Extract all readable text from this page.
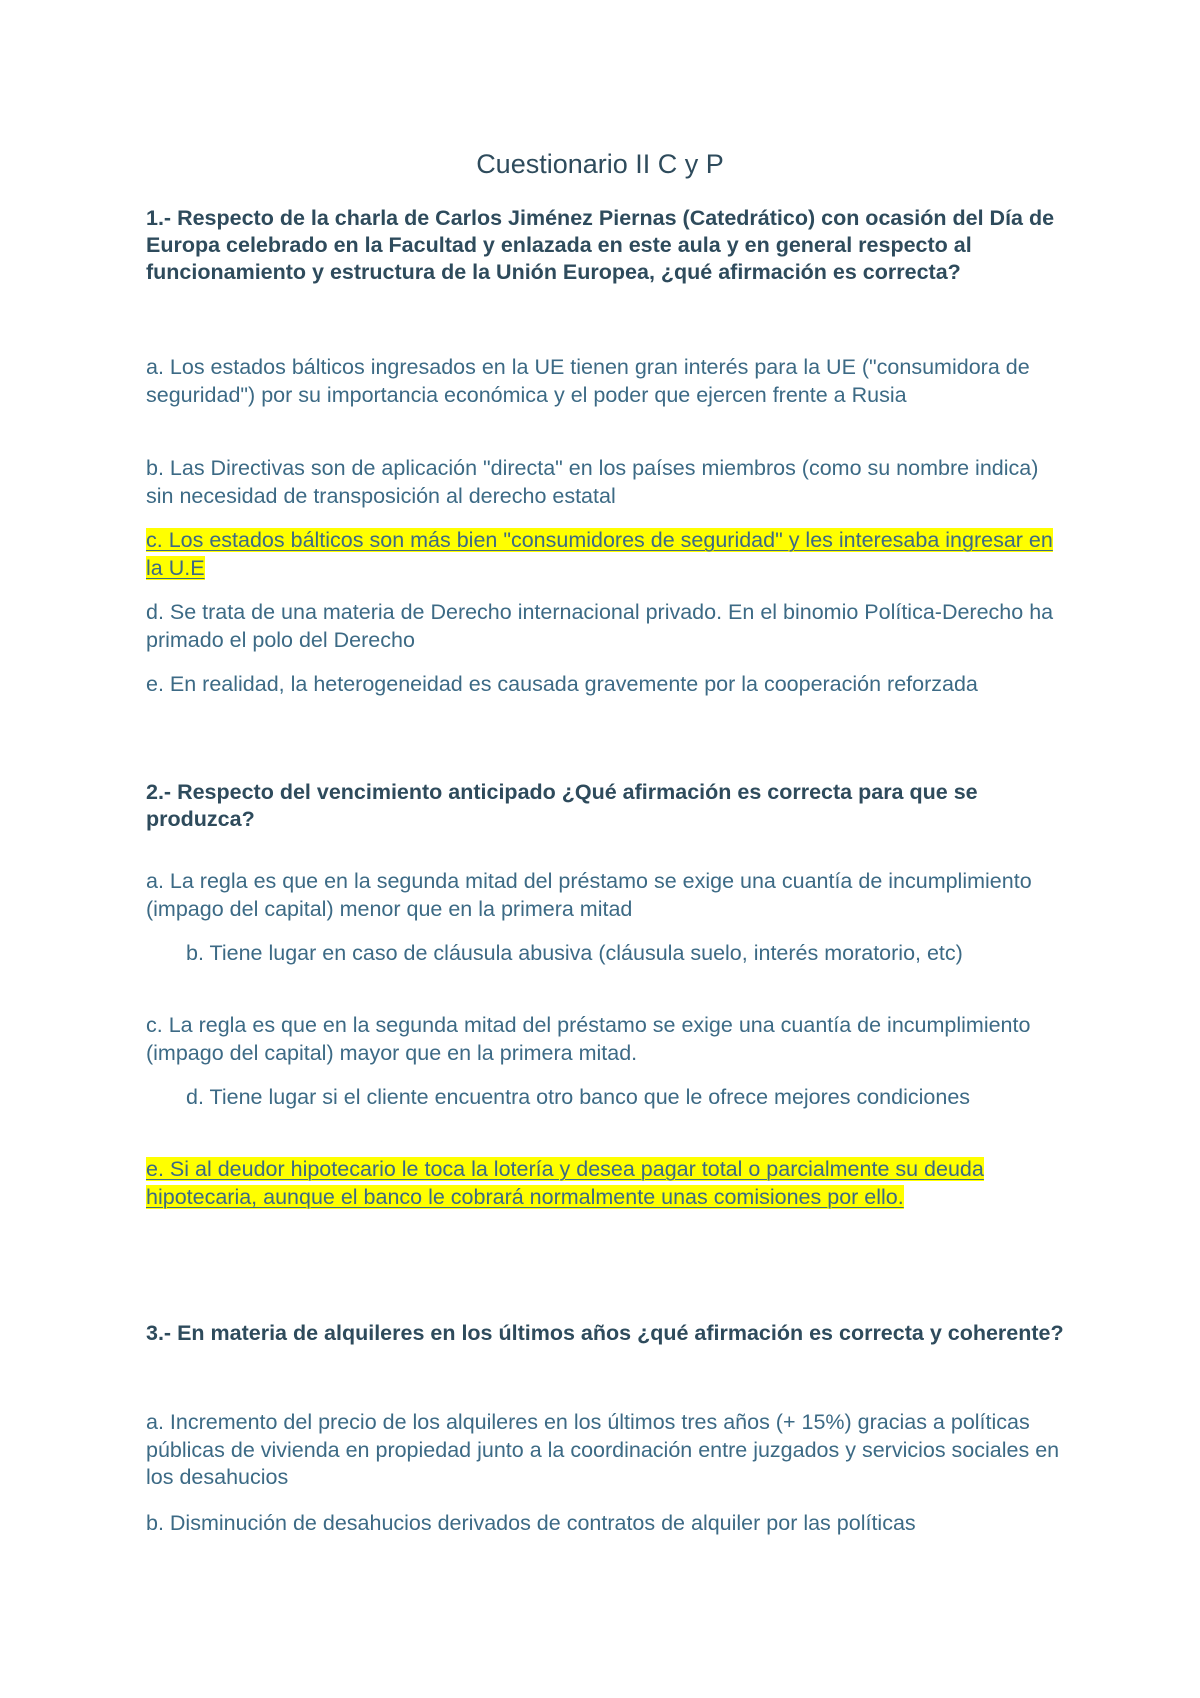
Cuestionario II C y P

1.- Respecto de la charla de Carlos Jiménez Piernas (Catedrático) con ocasión del Día de Europa celebrado en la Facultad y enlazada en este aula y en general respecto al funcionamiento y estructura de la Unión Europea, ¿qué afirmación es correcta?

a. Los estados bálticos ingresados en la UE tienen gran interés para la UE ("consumidora de seguridad") por su importancia económica y el poder que ejercen frente a Rusia

b. Las Directivas son de aplicación "directa" en los países miembros (como su nombre indica) sin necesidad de transposición al derecho estatal

c. Los estados bálticos son más bien "consumidores de seguridad" y les interesaba ingresar en la U.E

d. Se trata de una materia de Derecho internacional privado. En el binomio Política-Derecho ha primado el polo del Derecho

e. En realidad, la heterogeneidad es causada gravemente por la cooperación reforzada

2.- Respecto del vencimiento anticipado ¿Qué afirmación es correcta para que se produzca?

a. La regla es que en la segunda mitad del préstamo se exige una cuantía de incumplimiento (impago del capital) menor que en la primera mitad

b. Tiene lugar en caso de cláusula abusiva (cláusula suelo, interés moratorio, etc)

c. La regla es que en la segunda mitad del préstamo se exige una cuantía de incumplimiento (impago del capital) mayor que en la primera mitad.

d. Tiene lugar si el cliente encuentra otro banco que le ofrece mejores condiciones

e. Si al deudor hipotecario le toca la lotería y desea pagar total o parcialmente su deuda hipotecaria, aunque el banco le cobrará normalmente unas comisiones por ello.

3.- En materia de alquileres en los últimos años ¿qué afirmación es correcta y coherente?

a. Incremento del precio de los alquileres en los últimos tres años (+ 15%) gracias a políticas públicas de vivienda en propiedad junto a la coordinación entre juzgados y servicios sociales en los desahucios

b. Disminución de desahucios derivados de contratos de alquiler por las políticas
